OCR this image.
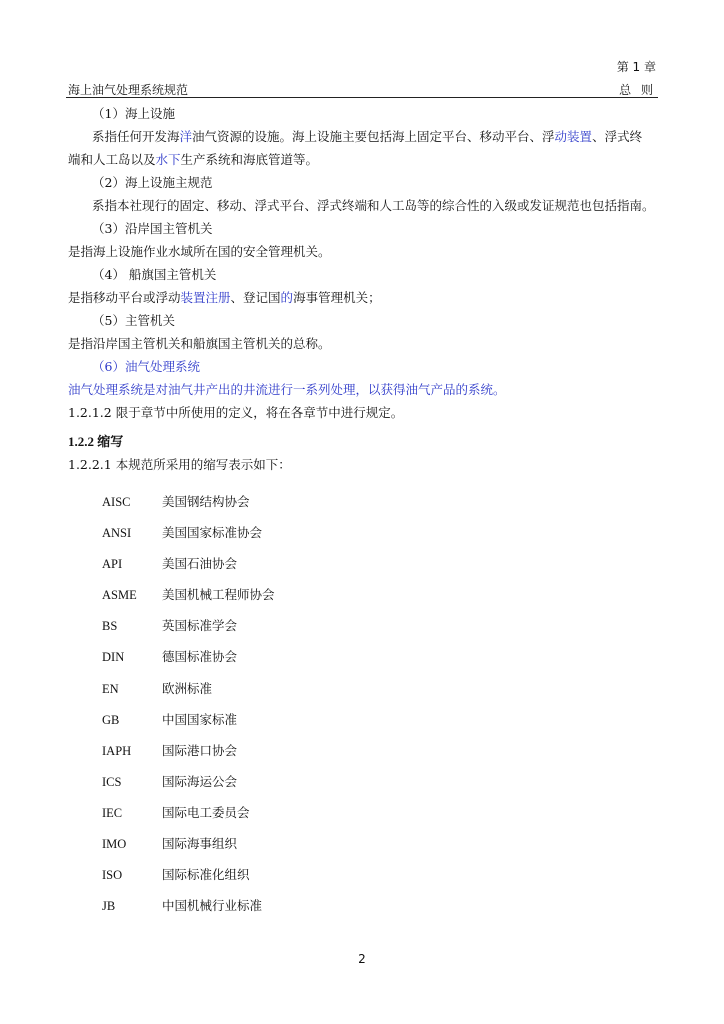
第 1 章
海上油气处理系统规范	总 则
（1）海上设施
系指任何开发海洋油气资源的设施。海上设施主要包括海上固定平台、移动平台、浮动装置、浮式终
端和人工岛以及水下生产系统和海底管道等。
（2）海上设施主规范
系指本社现行的固定、移动、浮式平台、浮式终端和人工岛等的综合性的入级或发证规范也包括指南。
（3）沿岸国主管机关
是指海上设施作业水域所在国的安全管理机关。
（4） 船旗国主管机关
是指移动平台或浮动装置注册、登记国的海事管理机关；
（5）主管机关
是指沿岸国主管机关和船旗国主管机关的总称。
（6）油气处理系统
油气处理系统是对油气井产出的井流进行一系列处理，以获得油气产品的系统。
1.2.1.2 限于章节中所使用的定义，将在各章节中进行规定。
1.2.2 缩写
1.2.2.1 本规范所采用的缩写表示如下：
AISC	美国钢结构协会
ANSI 美国国家标准协会
API	美国石油协会
ASME 美国机械工程师协会
BS	英国标准学会
DIN	德国标准协会
EN	欧洲标准
GB	中国国家标准
IAPH 国际港口协会
ICS	国际海运公会
IEC	国际电工委员会
IMO	国际海事组织
ISO	国际标准化组织
JB	中国机械行业标准
2
